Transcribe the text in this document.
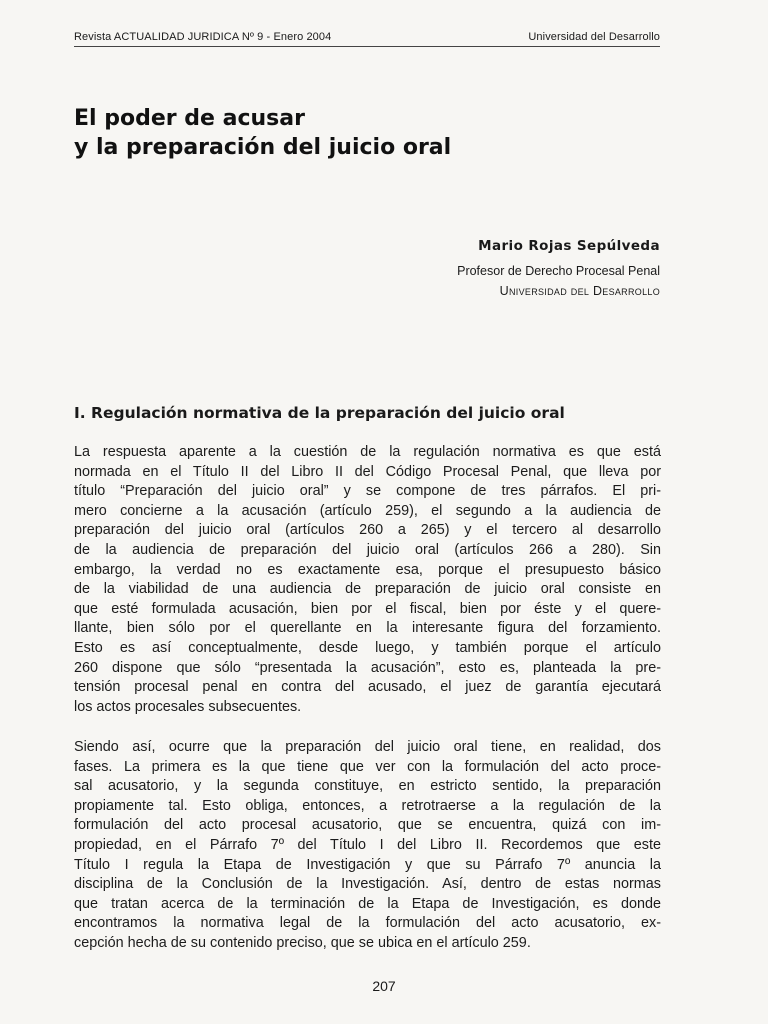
Revista ACTUALIDAD JURIDICA Nº 9 - Enero 2004	Universidad del Desarrollo
El poder de acusar
y la preparación del juicio oral
Mario Rojas Sepúlveda
Profesor de Derecho Procesal Penal
Universidad del Desarrollo
I. Regulación normativa de la preparación del juicio oral
La respuesta aparente a la cuestión de la regulación normativa es que está
normada en el Título II del Libro II del Código Procesal Penal, que lleva por
título “Preparación del juicio oral” y se compone de tres párrafos. El pri-
mero concierne a la acusación (artículo 259), el segundo a la audiencia de
preparación del juicio oral (artículos 260 a 265) y el tercero al desarrollo
de la audiencia de preparación del juicio oral (artículos 266 a 280). Sin
embargo, la verdad no es exactamente esa, porque el presupuesto básico
de la viabilidad de una audiencia de preparación de juicio oral consiste en
que esté formulada acusación, bien por el fiscal, bien por éste y el quere-
llante, bien sólo por el querellante en la interesante figura del forzamiento.
Esto es así conceptualmente, desde luego, y también porque el artículo
260 dispone que sólo “presentada la acusación”, esto es, planteada la pre-
tensión procesal penal en contra del acusado, el juez de garantía ejecutará
los actos procesales subsecuentes.
Siendo así, ocurre que la preparación del juicio oral tiene, en realidad, dos
fases. La primera es la que tiene que ver con la formulación del acto proce-
sal acusatorio, y la segunda constituye, en estricto sentido, la preparación
propiamente tal. Esto obliga, entonces, a retrotraerse a la regulación de la
formulación del acto procesal acusatorio, que se encuentra, quizá con im-
propiedad, en el Párrafo 7º del Título I del Libro II. Recordemos que este
Título I regula la Etapa de Investigación y que su Párrafo 7º anuncia la
disciplina de la Conclusión de la Investigación. Así, dentro de estas normas
que tratan acerca de la terminación de la Etapa de Investigación, es donde
encontramos la normativa legal de la formulación del acto acusatorio, ex-
cepción hecha de su contenido preciso, que se ubica en el artículo 259.
207
